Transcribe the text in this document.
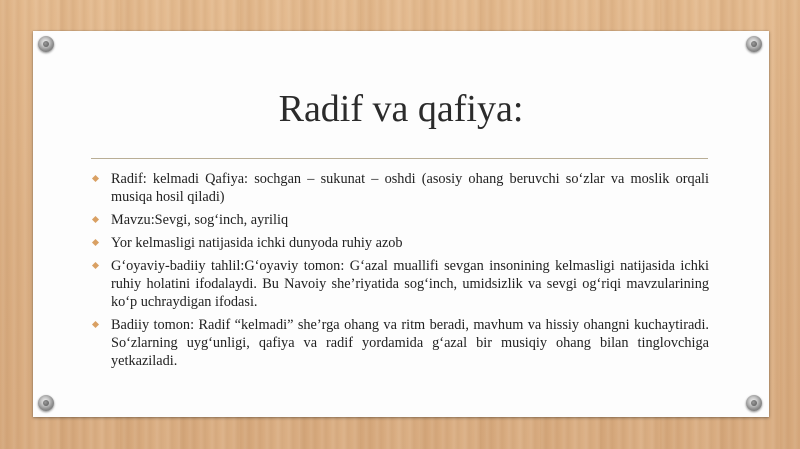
Radif va qafiya:
Radif: kelmadi Qafiya: sochgan – sukunat – oshdi (asosiy ohang beruvchi so‘zlar va moslik orqali musiqa hosil qiladi)
Mavzu:Sevgi, sog‘inch, ayriliq
Yor kelmasligi natijasida ichki dunyoda ruhiy azob
G‘oyaviy-badiiy tahlil:G‘oyaviy tomon: G‘azal muallifi sevgan insonining kelmasligi natijasida ichki ruhiy holatini ifodalaydi. Bu Navoiy she’riyatida sog‘inch, umidsizlik va sevgi og‘riqi mavzularining ko‘p uchraydigan ifodasi.
Badiiy tomon: Radif “kelmadi” she’rga ohang va ritm beradi, mavhum va hissiy ohangni kuchaytiradi. So‘zlarning uyg‘unligi, qafiya va radif yordamida g‘azal bir musiqiy ohang bilan tinglovchiga yetkaziladi.
